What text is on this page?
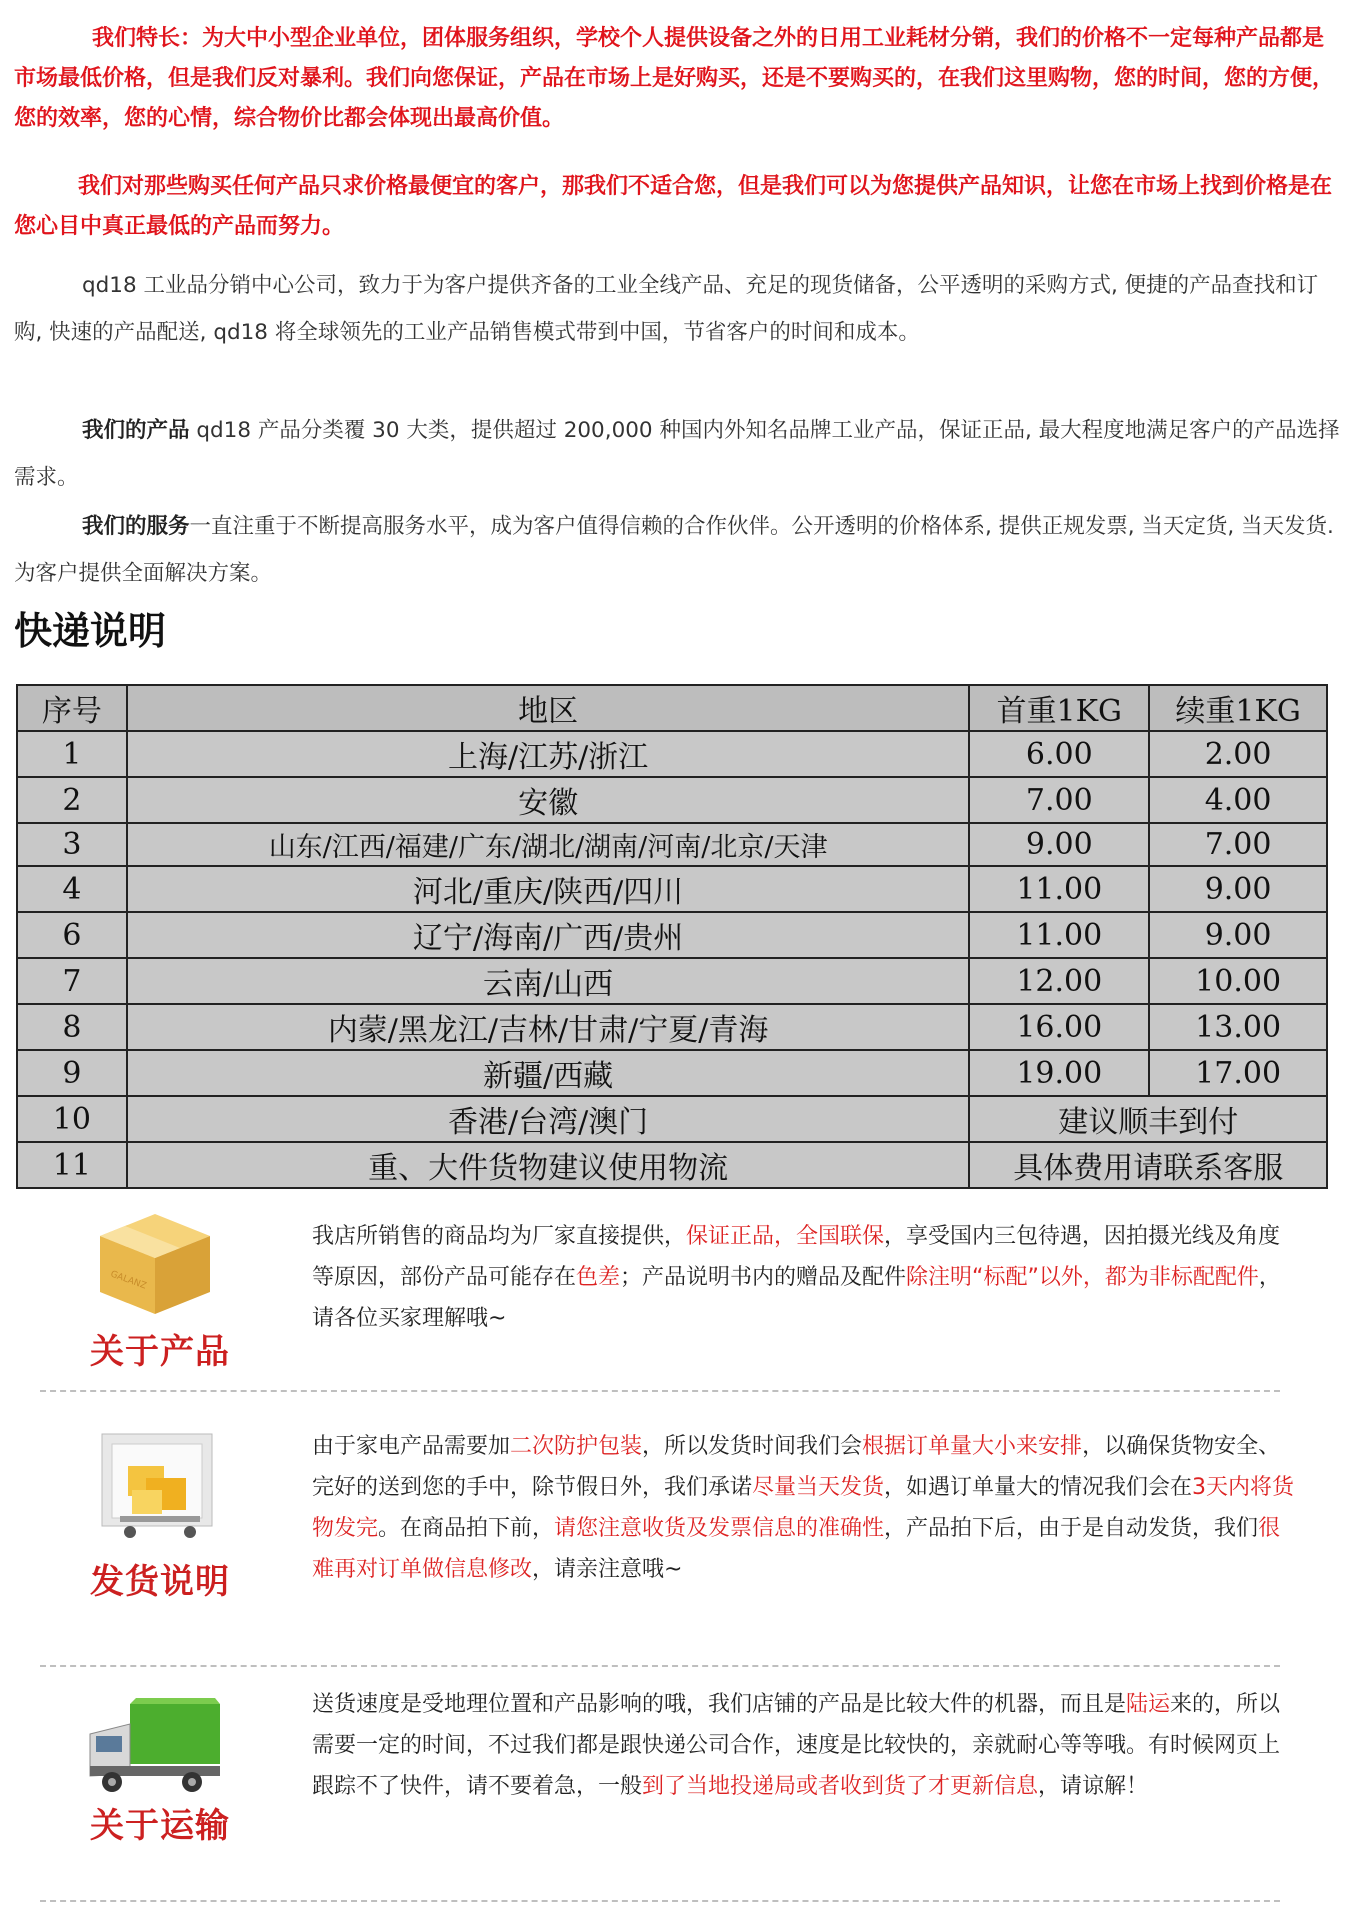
我们特长：为大中小型企业单位，团体服务组织，学校个人提供设备之外的日用工业耗材分销，我们的价格不一定每种产品都是市场最低价格，但是我们反对暴利。我们向您保证，产品在市场上是好购买，还是不要购买的，在我们这里购物，您的时间，您的方便，您的效率，您的心情，综合物价比都会体现出最高价值。
我们对那些购买任何产品只求价格最便宜的客户，那我们不适合您，但是我们可以为您提供产品知识，让您在市场上找到价格是在您心目中真正最低的产品而努力。
qd18 工业品分销中心公司，致力于为客户提供齐备的工业全线产品、充足的现货储备，公平透明的采购方式, 便捷的产品查找和订购, 快速的产品配送, qd18 将全球领先的工业产品销售模式带到中国，节省客户的时间和成本。
我们的产品 qd18 产品分类覆 30 大类，提供超过 200,000 种国内外知名品牌工业产品，保证正品, 最大程度地满足客户的产品选择需求。
我们的服务一直注重于不断提高服务水平，成为客户值得信赖的合作伙伴。公开透明的价格体系, 提供正规发票, 当天定货, 当天发货.为客户提供全面解决方案。
快递说明
序号	地区	首重1KG	续重1KG
1	上海/江苏/浙江	6.00	2.00
2	安徽	7.00	4.00
3	山东/江西/福建/广东/湖北/湖南/河南/北京/天津	9.00	7.00
4	河北/重庆/陕西/四川	11.00	9.00
6	辽宁/海南/广西/贵州	11.00	9.00
7	云南/山西	12.00	10.00
8	内蒙/黑龙江/吉林/甘肃/宁夏/青海	16.00	13.00
9	新疆/西藏	19.00	17.00
10	香港/台湾/澳门	建议顺丰到付	
11	重、大件货物建议使用物流	具体费用请联系客服	
GALANZ
关于产品
我店所销售的商品均为厂家直接提供，保证正品，全国联保，享受国内三包待遇，因拍摄光线及角度等原因，部份产品可能存在色差；产品说明书内的赠品及配件除注明“标配”以外，都为非标配配件，请各位买家理解哦~
发货说明
由于家电产品需要加二次防护包装，所以发货时间我们会根据订单量大小来安排，以确保货物安全、完好的送到您的手中，除节假日外，我们承诺尽量当天发货，如遇订单量大的情况我们会在3天内将货物发完。在商品拍下前，请您注意收货及发票信息的准确性，产品拍下后，由于是自动发货，我们很难再对订单做信息修改，请亲注意哦~
关于运输
送货速度是受地理位置和产品影响的哦，我们店铺的产品是比较大件的机器，而且是陆运来的，所以需要一定的时间，不过我们都是跟快递公司合作，速度是比较快的，亲就耐心等等哦。有时候网页上跟踪不了快件，请不要着急，一般到了当地投递局或者收到货了才更新信息，请谅解！
